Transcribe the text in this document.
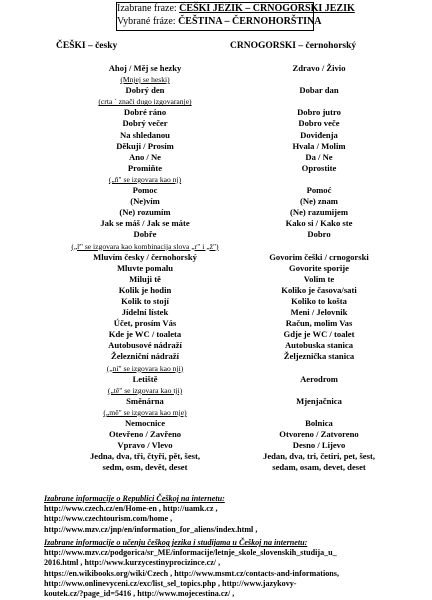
Izabrane fraze: ČEŠKI JEZIK – CRNOGORSKI JEZIK
Vybrané fráze: ČEŠTINA – ČERNOHORŠTINA
ČEŠKI – česky	CRNOGORSKI – černohorský
Ahoj / Měj se hezky	Zdravo / Živio
(Mnjej se heski)
Dobrý den	Dobar dan
(crta ´ znači dugo izgovaranje)
Dobré ráno	Dobro jutro
Dobrý večer	Dobro veče
Na shledanou	Doviđenja
Děkuji / Prosím	Hvala / Molim
Ano / Ne	Da / Ne
Promiňte	Oprostite
(„ň" se izgovara kao nj)
Pomoc	Pomoć
(Ne)vím	(Ne) znam
(Ne) rozumím	(Ne) razumijem
Jak se máš / Jak se máte	Kako si / Kako ste
Dobře	Dobro
(„ř" se izgovara kao kombinacija slova „r" i „ž")
Mluvím česky / černohorský	Govorim češki / crnogorski
Mluvte pomalu	Govorite sporije
Miluji tě	Volim te
Kolik je hodin	Koliko je časova/sati
Kolik to stojí	Koliko to košta
Jídelní lístek	Meni / Jelovnik
Účet, prosím Vás	Račun, molim Vas
Kde je WC / toaleta	Gdje je WC / toalet
Autobusové nádraží	Autobuska stanica
Železniční nádraží	Željeznička stanica
(„ní" se izgovara kao nji)
Letiště	Aerodrom
(„tě" se izgovara kao tji)
Směnárna	Mjenjačnica
(„mě" se izgovara kao mje)
Nemocnice	Bolnica
Otevřeno / Zavřeno	Otvoreno / Zatvoreno
Vpravo / Vlevo	Desno / Lijevo
Jedna, dva, tři, čtyři, pět, šest,	Jedan, dva, tri, četiri, pet, šest,
sedm, osm, devět, deset	sedam, osam, devet, deset
Izabrane informacije o Republici Češkoj na internetu:
http://www.czech.cz/en/Home-en , http://uamk.cz ,
http://www.czechtourism.com/home ,
http://www.mzv.cz/jnp/en/information_for_aliens/index.html ,
Izabrane informacije o učenju češkog jezika i studijama u Češkoj na internetu:
http://www.mzv.cz/podgorica/sr_ME/informacije/letnje_skole_slovenskih_studija_u_
2016.html , http://www.kurzycestinyprocizince.cz/ ,
https://en.wikibooks.org/wiki/Czech , http://www.msmt.cz/contacts-and-informations,
http://www.onlinevyceni.cz/exc/list_sel_topics.php , http://www.jazykovy-
koutek.cz/?page_id=5416 , http://www.mojecestina.cz/ ,
